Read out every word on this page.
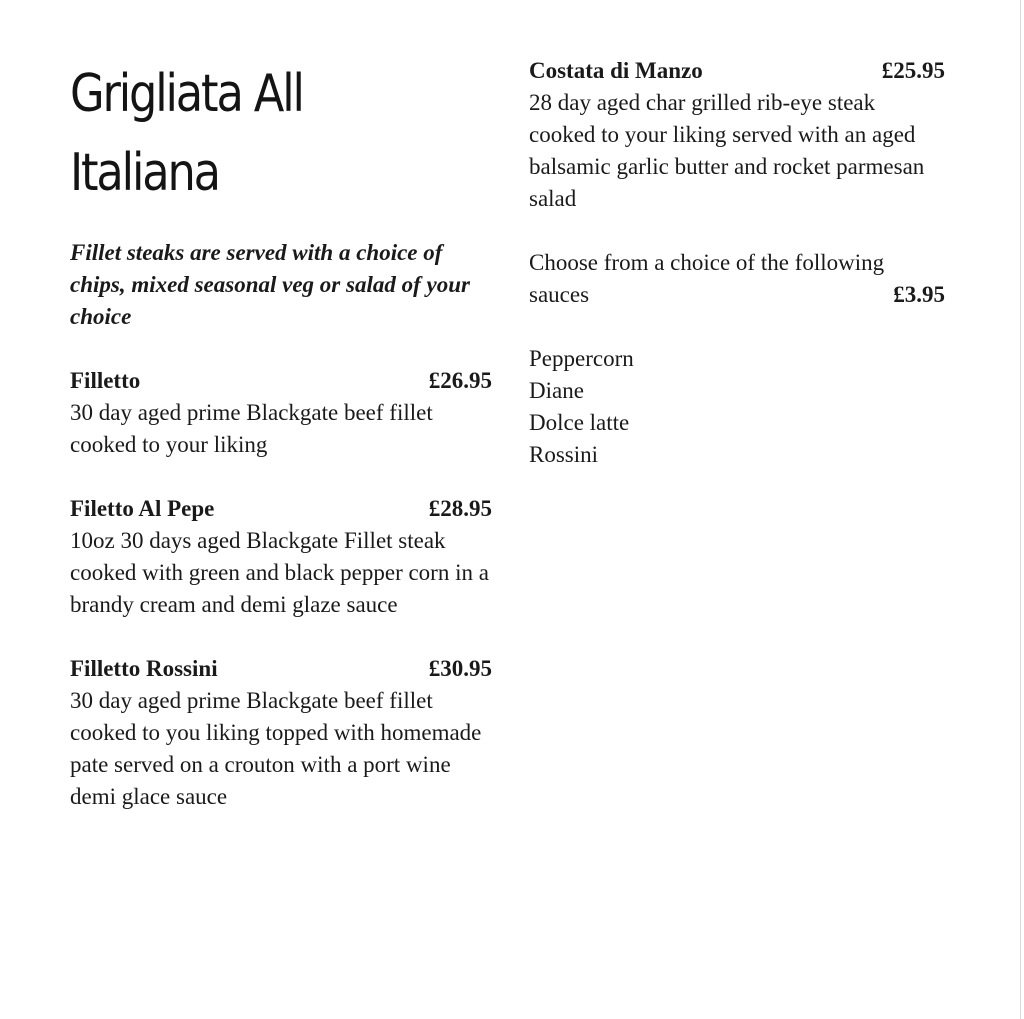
Grigliata All
Italiana
Fillet steaks are served with a choice of chips, mixed seasonal veg or salad of your choice
Filletto	£26.95
30 day aged prime Blackgate beef fillet cooked to your liking
Filetto Al Pepe	£28.95
10oz 30 days aged Blackgate Fillet steak cooked with green and black pepper corn in a brandy cream and demi glaze sauce
Filletto Rossini	£30.95
30 day aged prime Blackgate beef fillet cooked to you liking topped with homemade pate served on a crouton with a port wine demi glace sauce
Costata di Manzo	£25.95
28 day aged char grilled rib-eye steak cooked to your liking served with an aged balsamic garlic butter and rocket parmesan salad
Choose from a choice of the following
sauces	£3.95
Peppercorn
Diane
Dolce latte
Rossini
